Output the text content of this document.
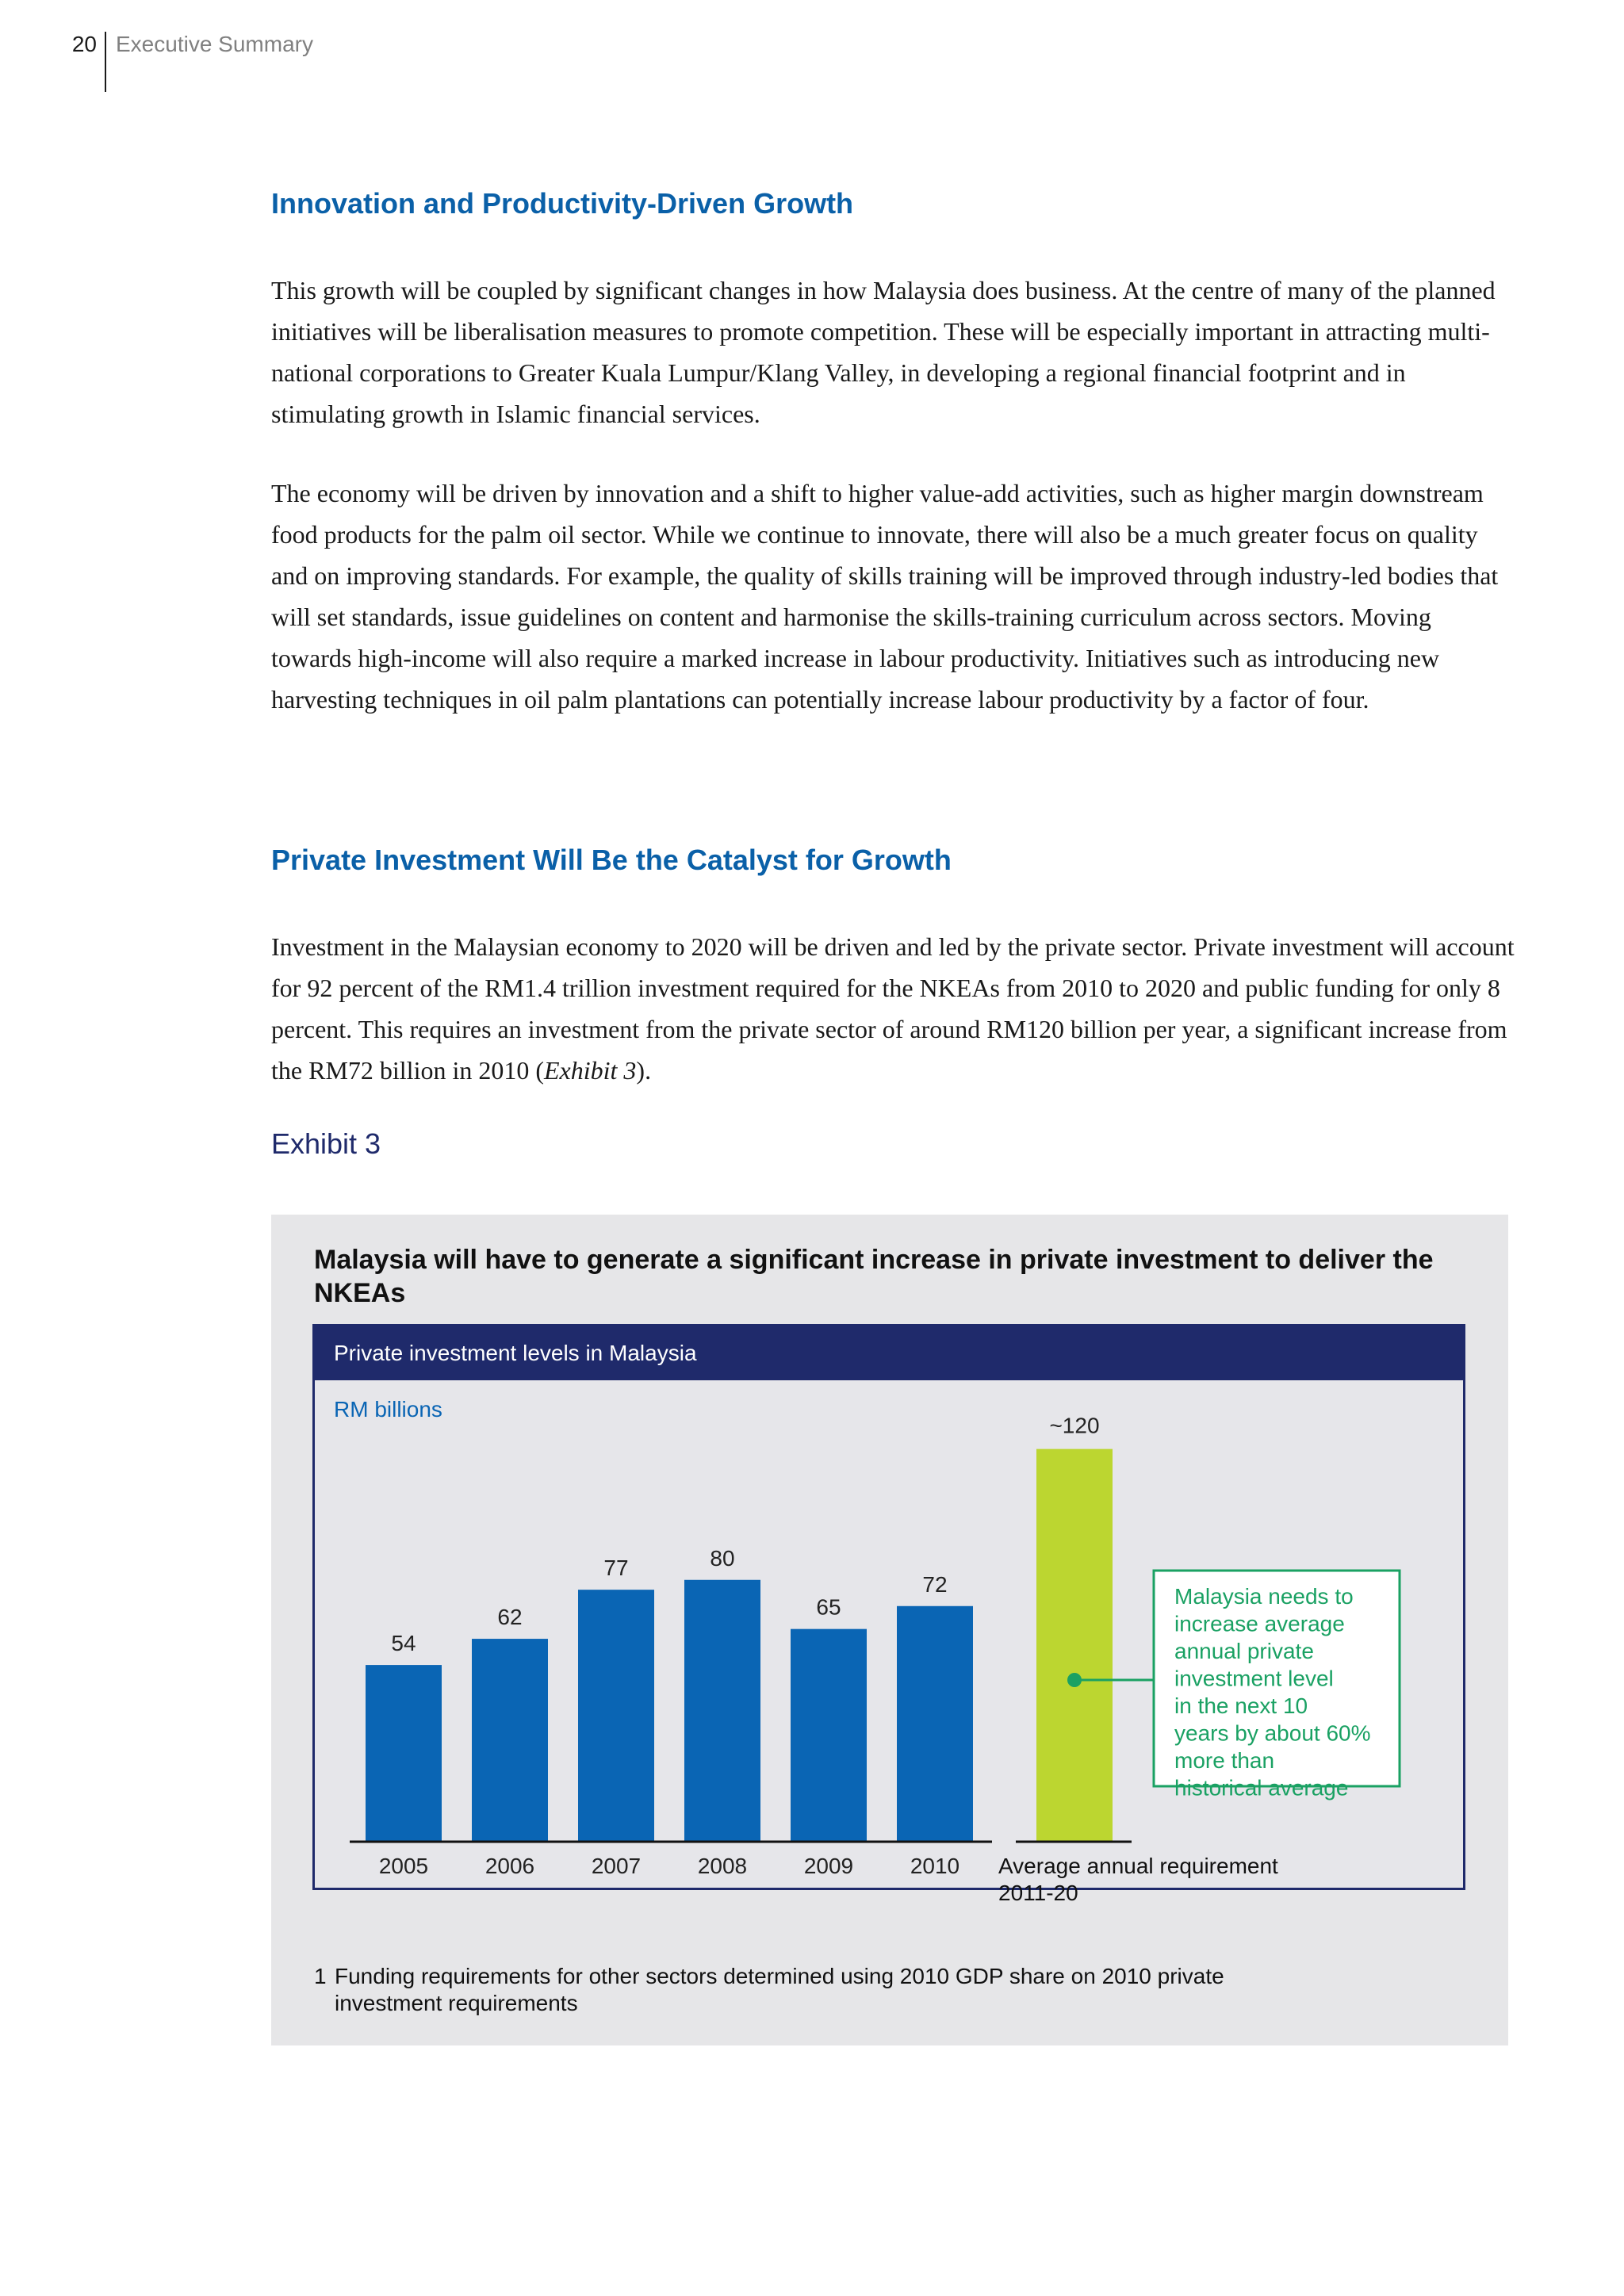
20 Executive Summary
Innovation and Productivity-Driven Growth

This growth will be coupled by significant changes in how Malaysia does business. At the centre of many of the planned initiatives will be liberalisation measures to promote competition. These will be especially important in attracting multi-national corporations to Greater Kuala Lumpur/Klang Valley, in developing a regional financial footprint and in stimulating growth in Islamic financial services.

The economy will be driven by innovation and a shift to higher value-add activities, such as higher margin downstream food products for the palm oil sector. While we continue to innovate, there will also be a much greater focus on quality and on improving standards. For example, the quality of skills training will be improved through industry-led bodies that will set standards, issue guidelines on content and harmonise the skills-training curriculum across sectors. Moving towards high-income will also require a marked increase in labour productivity. Initiatives such as introducing new harvesting techniques in oil palm plantations can potentially increase labour productivity by a factor of four.

Private Investment Will Be the Catalyst for Growth

Investment in the Malaysian economy to 2020 will be driven and led by the private sector. Private investment will account for 92 percent of the RM1.4 trillion investment required for the NKEAs from 2010 to 2020 and public funding for only 8 percent. This requires an investment from the private sector of around RM120 billion per year, a significant increase from the RM72 billion in 2010 (Exhibit 3).

Exhibit 3
Malaysia will have to generate a significant increase in private investment to deliver the NKEAs
Private investment levels in Malaysia
RM billions
54
2005
62
2006
77
2007
80
2008
65
2009
72
2010
~120
Average annual requirement
2011-20
Malaysia needs to increase average annual private investment level in the next 10 years by about 60% more than historical average
1 Funding requirements for other sectors determined using 2010 GDP share on 2010 private investment requirements
